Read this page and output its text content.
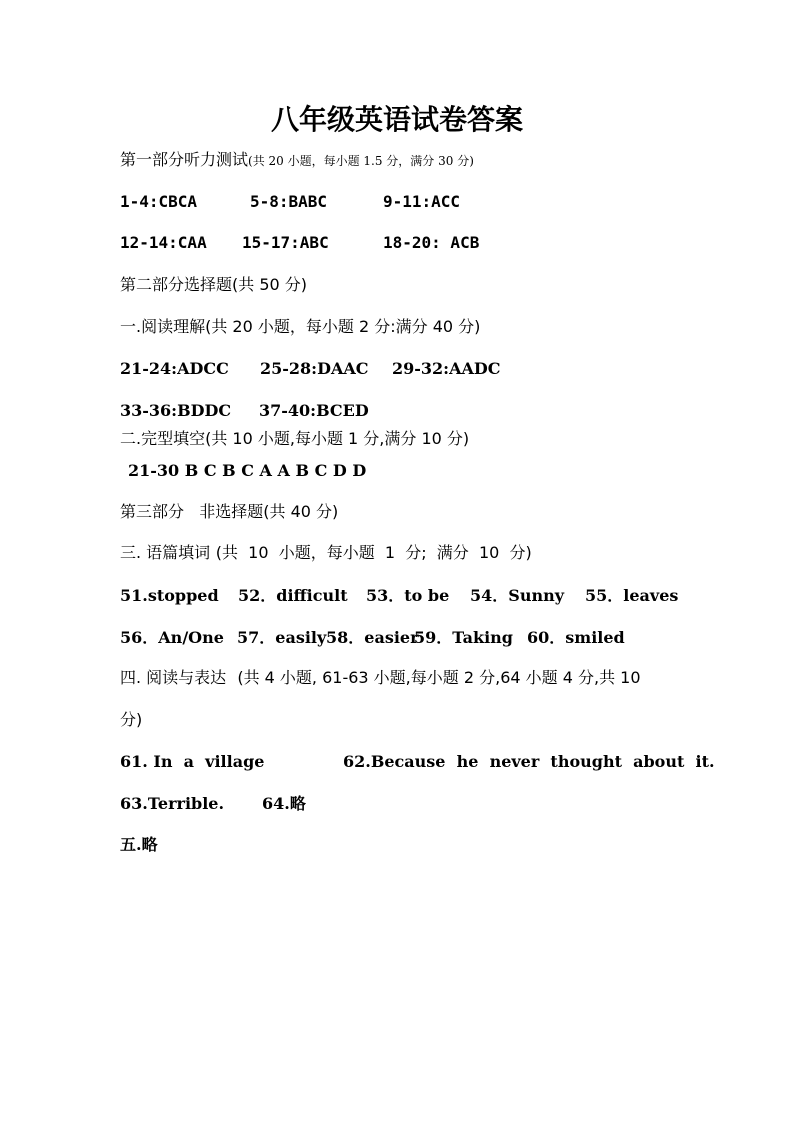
八年级英语试卷答案
第一部分听力测试(共 20 小题，每小题 1.5 分，满分 30 分)
1-4:CBCA	5-8:BABC	9-11:ACC
12-14:CAA 15-17:ABC	18-20: ACB
第二部分选择题(共 50 分)
一.阅读理解(共 20 小题，每小题 2 分:满分 40 分)
21-24:ADCC 25-28:DAAC 29-32:AADC
33-36:BDDC 37-40:BCED
二.完型填空(共 10 小题,每小题 1 分,满分 10 分)
21-30 B C B C A A B C D D
第三部分   非选择题(共 40 分)
三. 语篇填词 (共  10  小题，每小题  1  分;  满分  10  分)
51.stopped 52．difficult 53．to be 54．Sunny 55．leaves
56．An/One 57．easily 58．easier
59．Taking 60．smiled
四. 阅读与表达 (共 4 小题, 61-63 小题,每小题 2 分,64 小题 4 分,共 10
分)
61. In  a  village	62.Because  he  never  thought  about  it.
63.Terrible. 64.略
五.略
